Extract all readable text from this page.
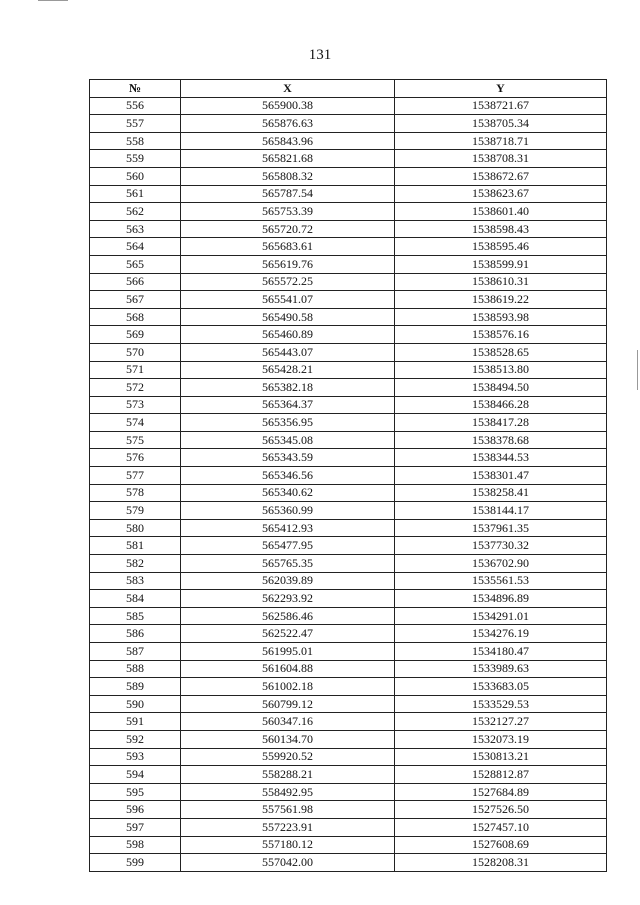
131
№	X	Y
556	565900.38	1538721.67
557	565876.63	1538705.34
558	565843.96	1538718.71
559	565821.68	1538708.31
560	565808.32	1538672.67
561	565787.54	1538623.67
562	565753.39	1538601.40
563	565720.72	1538598.43
564	565683.61	1538595.46
565	565619.76	1538599.91
566	565572.25	1538610.31
567	565541.07	1538619.22
568	565490.58	1538593.98
569	565460.89	1538576.16
570	565443.07	1538528.65
571	565428.21	1538513.80
572	565382.18	1538494.50
573	565364.37	1538466.28
574	565356.95	1538417.28
575	565345.08	1538378.68
576	565343.59	1538344.53
577	565346.56	1538301.47
578	565340.62	1538258.41
579	565360.99	1538144.17
580	565412.93	1537961.35
581	565477.95	1537730.32
582	565765.35	1536702.90
583	562039.89	1535561.53
584	562293.92	1534896.89
585	562586.46	1534291.01
586	562522.47	1534276.19
587	561995.01	1534180.47
588	561604.88	1533989.63
589	561002.18	1533683.05
590	560799.12	1533529.53
591	560347.16	1532127.27
592	560134.70	1532073.19
593	559920.52	1530813.21
594	558288.21	1528812.87
595	558492.95	1527684.89
596	557561.98	1527526.50
597	557223.91	1527457.10
598	557180.12	1527608.69
599	557042.00	1528208.31
